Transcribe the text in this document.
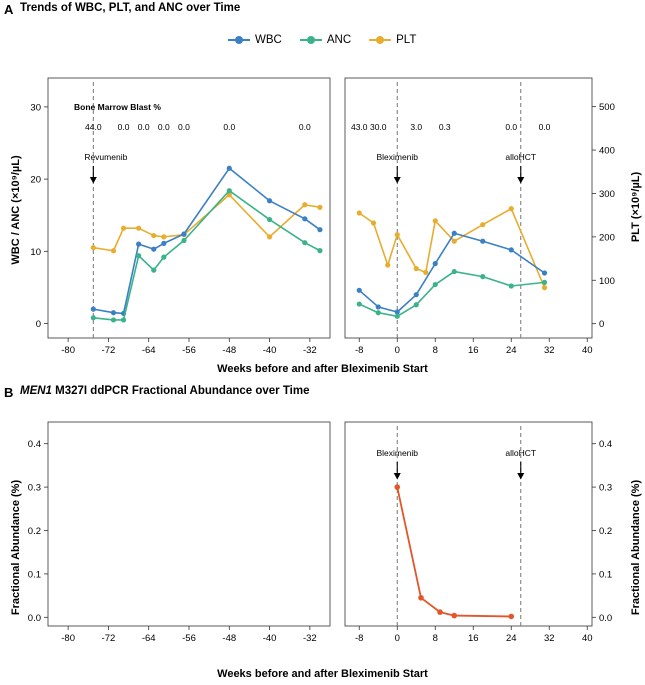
A Trends of WBC, PLT, and ANC over Time
WBC	ANC	PLT
0
10
20
30
0
100
200
300
400
500
-80	-72	-64	-56	-48	-40	-32	-8	0	8	16	24	32	40
Revumenib	Bleximenib	alloHCT
Bone Marrow Blast %
44.0 0.0 0.0 0.0 0.0	0.0	0.0	43.0 30.0	3.0 0.3	0.0	0.0
WBC / ANC (×10⁹/µL)	PLT (×10⁹/µL)
Weeks before and after Bleximenib Start
B MEN1 M327I ddPCR Fractional Abundance over Time
0.0	0.0
0.1	0.1
0.2	0.2
0.3	0.3
0.4	0.4
-80	-72	-64	-56	-48	-40	-32	-8	0	8	16	24	32	40
Bleximenib	alloHCT
Fractional Abundance (%)	Fractional Abundance (%)
Weeks before and after Bleximenib Start
